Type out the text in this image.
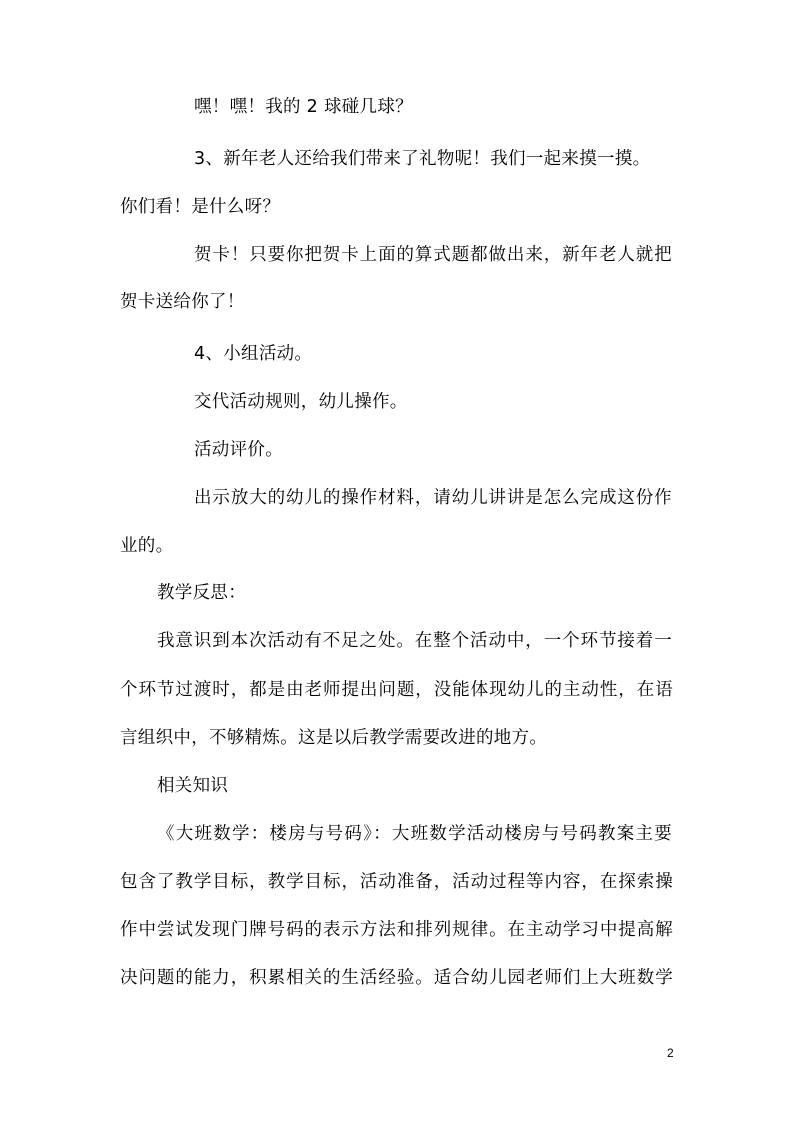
嘿！嘿！我的 2 球碰几球？
3、新年老人还给我们带来了礼物呢！我们一起来摸一摸。
你们看！是什么呀？
贺卡！只要你把贺卡上面的算式题都做出来，新年老人就把
贺卡送给你了！
4、小组活动。
交代活动规则，幼儿操作。
活动评价。
出示放大的幼儿的操作材料，请幼儿讲讲是怎么完成这份作
业的。
教学反思：
我意识到本次活动有不足之处。在整个活动中，一个环节接着一
个环节过渡时，都是由老师提出问题，没能体现幼儿的主动性，在语
言组织中，不够精炼。这是以后教学需要改进的地方。
相关知识
《大班数学：楼房与号码》：大班数学活动楼房与号码教案主要
包含了教学目标，教学目标，活动准备，活动过程等内容，在探索操
作中尝试发现门牌号码的表示方法和排列规律。在主动学习中提高解
决问题的能力，积累相关的生活经验。适合幼儿园老师们上大班数学
2
